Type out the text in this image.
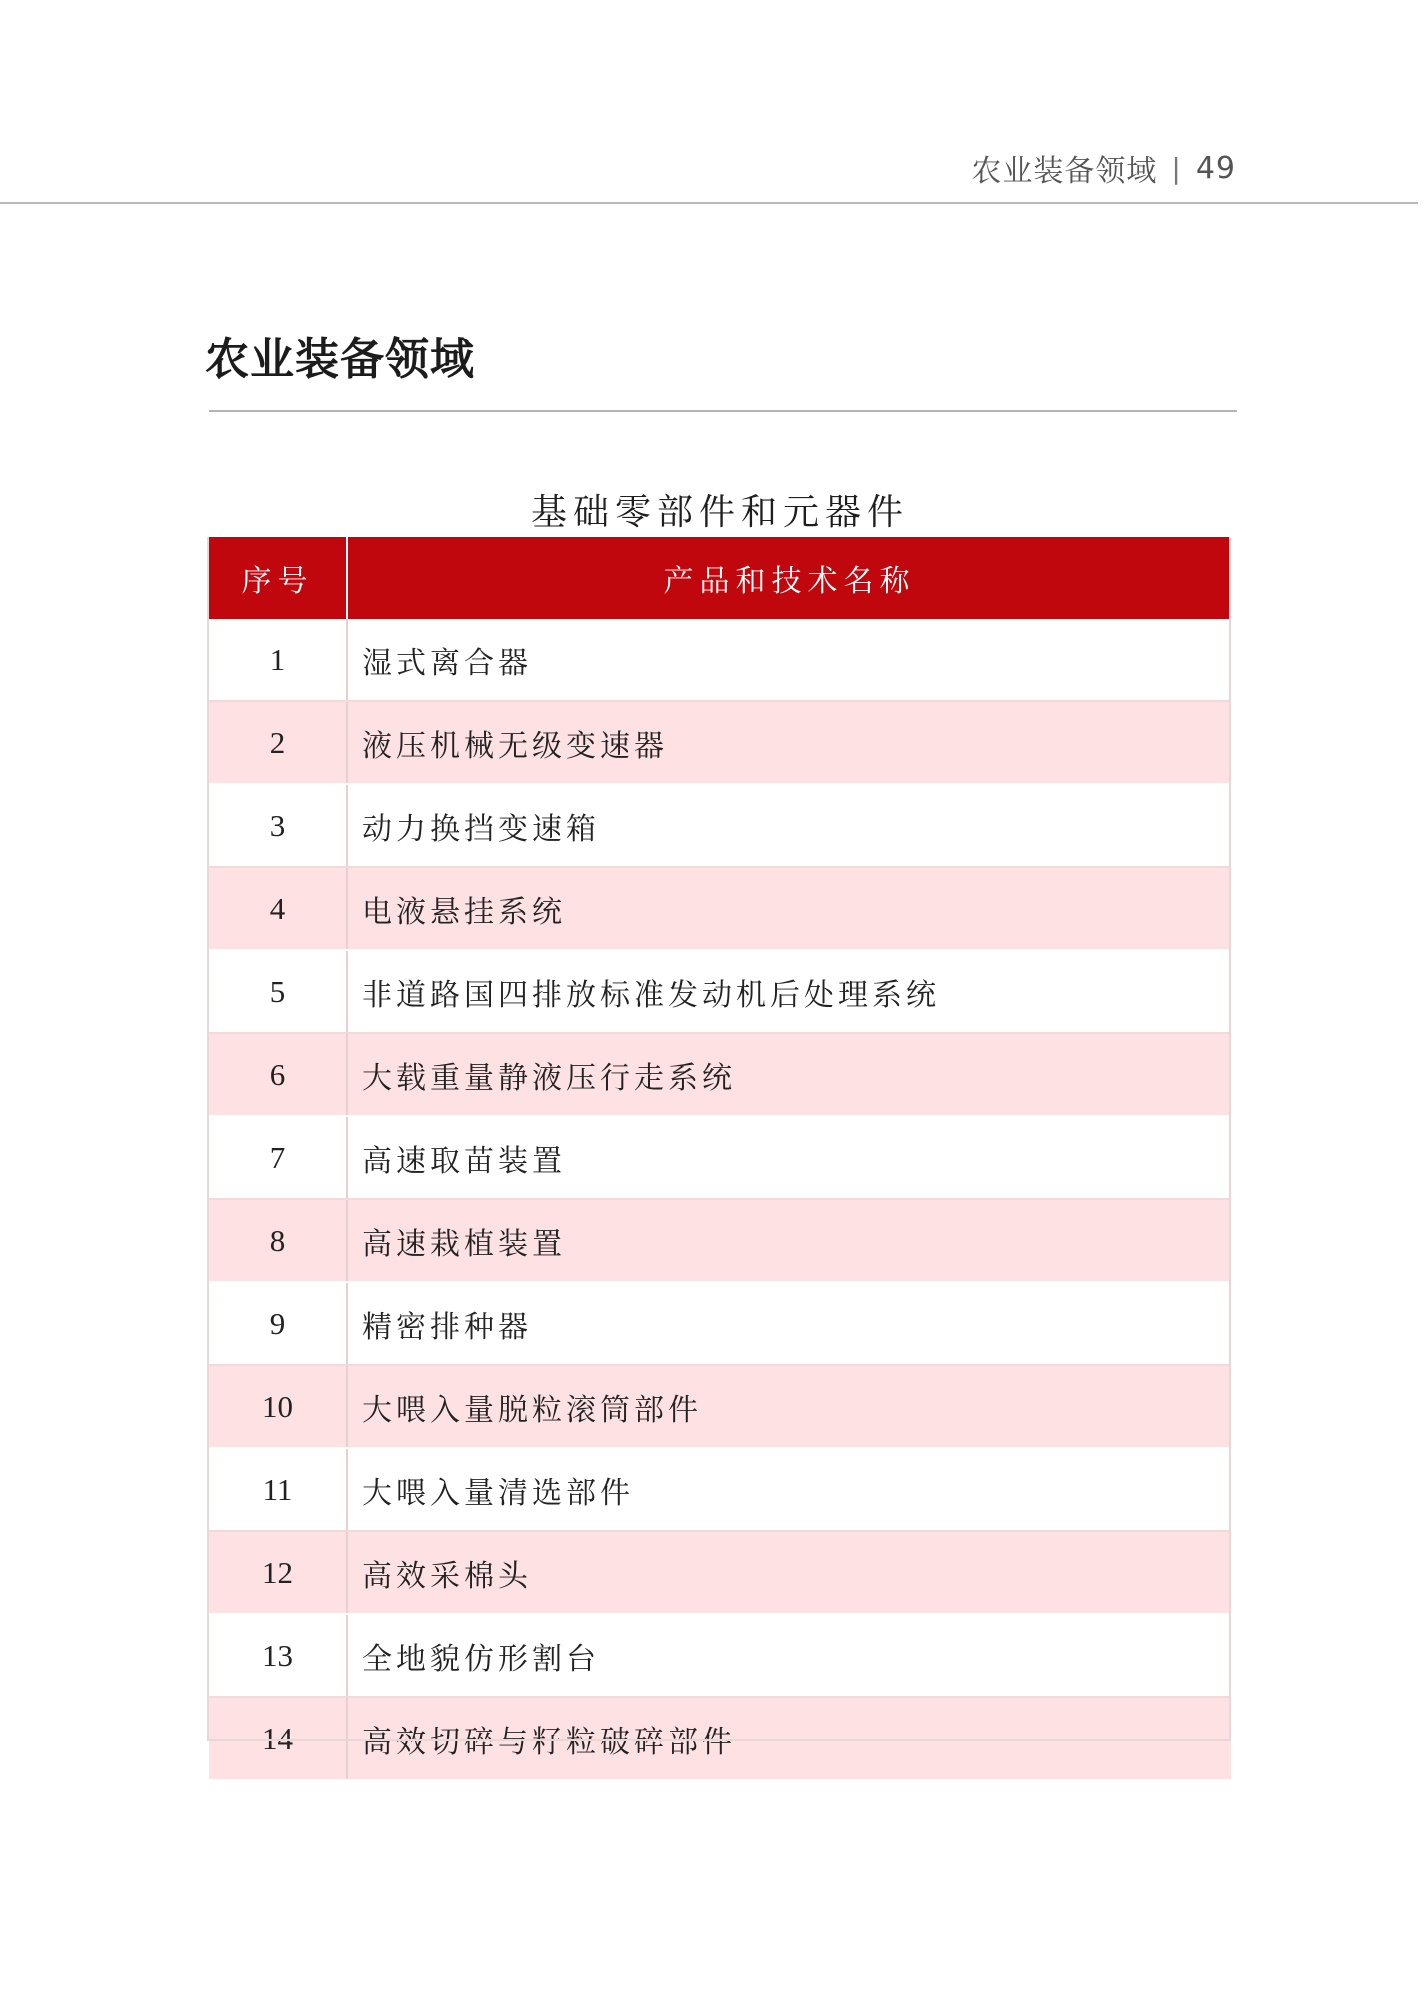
农业装备领域 | 49
农业装备领域
基础零部件和元器件
序号	产品和技术名称
1	湿式离合器
2	液压机械无级变速器
3	动力换挡变速箱
4	电液悬挂系统
5	非道路国四排放标准发动机后处理系统
6	大载重量静液压行走系统
7	高速取苗装置
8	高速栽植装置
9	精密排种器
10	大喂入量脱粒滚筒部件
11	大喂入量清选部件
12	高效采棉头
13	全地貌仿形割台
14	高效切碎与籽粒破碎部件
